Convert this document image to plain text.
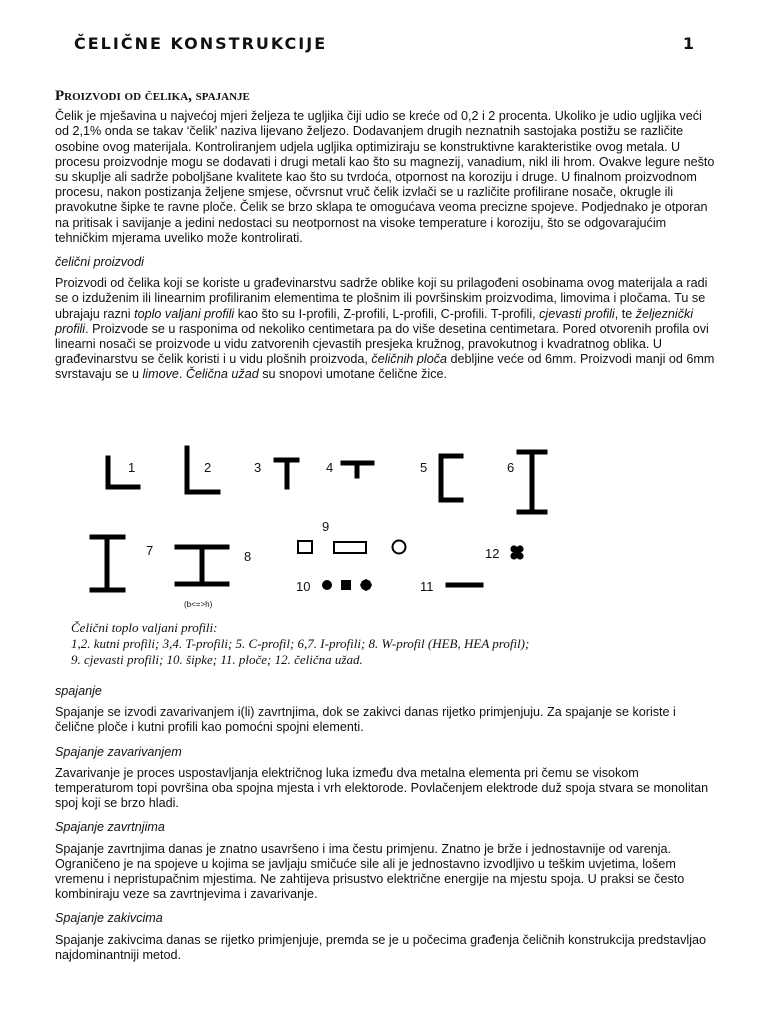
ČELIČNE KONSTRUKCIJE	1
Proizvodi od čelika, spajanje

Čelik je mješavina u najvećoj mjeri željeza te ugljika čiji udio se kreće od 0,2 i 2 procenta. Ukoliko je udio ugljika veći od 2,1% onda se takav ‘čelik’ naziva lijevano željezo. Dodavanjem drugih neznatnih sastojaka postižu se različite osobine ovog materijala. Kontroliranjem udjela ugljika optimiziraju se konstruktivne karakteristike ovog metala. U procesu proizvodnje mogu se dodavati i drugi metali kao što su magnezij, vanadium, nikl ili hrom. Ovakve legure nešto su skuplje ali sadrže poboljšane kvalitete kao što su tvrdoća, otpornost na koroziju i druge. U finalnom proizvodnom procesu, nakon postizanja željene smjese, očvrsnut vruč čelik izvlači se u različite profilirane nosače, okrugle ili pravokutne šipke te ravne ploče. Čelik se brzo sklapa te omogućava veoma precizne spojeve. Podjednako je otporan na pritisak i savijanje a jedini nedostaci su neotpornost na visoke temperature i koroziju, što se odgovarajućim tehničkim mjerama uveliko može kontrolirati.

čelični proizvodi

Proizvodi od čelika koji se koriste u građevinarstvu sadrže oblike koji su prilagođeni osobinama ovog materijala a radi se o izduženim ili linearnim profiliranim elementima te plošnim ili površinskim proizvodima, limovima i pločama. Tu se ubrajaju razni toplo valjani profili kao što su I-profili, Z-profili, L-profili, C-profili. T-profili, cjevasti profili, te željeznički profili. Proizvode se u rasponima od nekoliko centimetara pa do više desetina centimetara. Pored otvorenih profila ovi linearni nosači se proizvode u vidu zatvorenih cjevastih presjeka kružnog, pravokutnog i kvadratnog oblika. U građevinarstvu se čelik koristi i u vidu plošnih proizvoda, čeličnih ploča debljine veće od 6mm. Proizvodi manji od 6mm svrstavaju se u limove. Čelična užad su snopovi umotane čelične žice.

1	2	3	4	5	6
7	8
9
10	11
12
(b<=>h)
Čelični toplo valjani profili:
1,2. kutni profili; 3,4. T-profili; 5. C-profil; 6,7. I-profili; 8. W-profil (HEB, HEA profil); 9. cjevasti profili; 10. šipke; 11. ploče; 12. čelična užad.
spajanje

Spajanje se izvodi zavarivanjem i(li) zavrtnjima, dok se zakivci danas rijetko primjenjuju. Za spajanje se koriste i čelične ploče i kutni profili kao pomoćni spojni elementi.

Spajanje zavarivanjem

Zavarivanje je proces uspostavljanja električnog luka između dva metalna elementa pri čemu se visokom temperaturom topi površina oba spojna mjesta i vrh elektorode. Povlačenjem elektrode duž spoja stvara se monolitan spoj koji se brzo hladi.

Spajanje zavrtnjima

Spajanje zavrtnjima danas je znatno usavršeno i ima čestu primjenu. Znatno je brže i jednostavnije od varenja. Ograničeno je na spojeve u kojima se javljaju smičuće sile ali je jednostavno izvodljivo u teškim uvjetima, lošem vremenu i nepristupačnim mjestima. Ne zahtijeva prisustvo električne energije na mjestu spoja. U praksi se često kombiniraju veze sa zavrtnjevima i zavarivanje.

Spajanje zakivcima

Spajanje zakivcima danas se rijetko primjenjuje, premda se je u počecima građenja čeličnih konstrukcija predstavljao najdominantniji metod.
